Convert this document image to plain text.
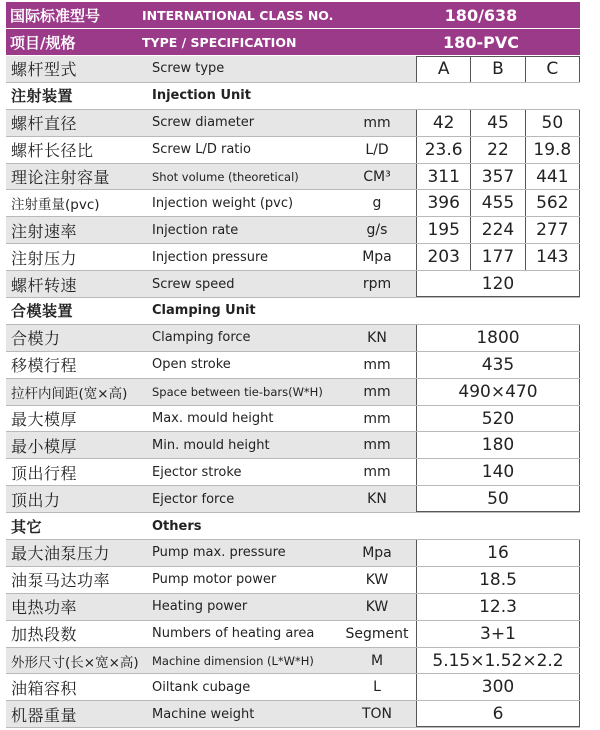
国际标准型号	INTERNATIONAL CLASS NO.	180/638
项目/规格	TYPE / SPECIFICATION	180-PVC
螺杆型式	Screw type	A	B	C
注射装置	Injection Unit
螺杆直径	Screw diameter	mm	42	45	50
螺杆长径比	Screw L/D ratio	L/D	23.6	22	19.8
理论注射容量	Shot volume (theoretical)	CM³	311	357	441
注射重量(pvc)	Injection weight (pvc)	g	396	455	562
注射速率	Injection rate	g/s	195	224	277
注射压力	Injection pressure	Mpa	203	177	143
螺杆转速	Screw speed	rpm	120
合模装置	Clamping Unit
合模力	Clamping force	KN	1800
移模行程	Open stroke	mm	435
拉杆内间距(宽×高)	Space between tie-bars(W*H)	mm	490×470
最大模厚	Max. mould height	mm	520
最小模厚	Min. mould height	mm	180
顶出行程	Ejector stroke	mm	140
顶出力	Ejector force	KN	50
其它	Others
最大油泵压力	Pump max. pressure	Mpa	16
油泵马达功率	Pump motor power	KW	18.5
电热功率	Heating power	KW	12.3
加热段数	Numbers of heating area	Segment	3+1
外形尺寸(长×宽×高)	Machine dimension (L*W*H)	M	5.15×1.52×2.2
油箱容积	Oiltank cubage	L	300
机器重量	Machine weight	TON	6
